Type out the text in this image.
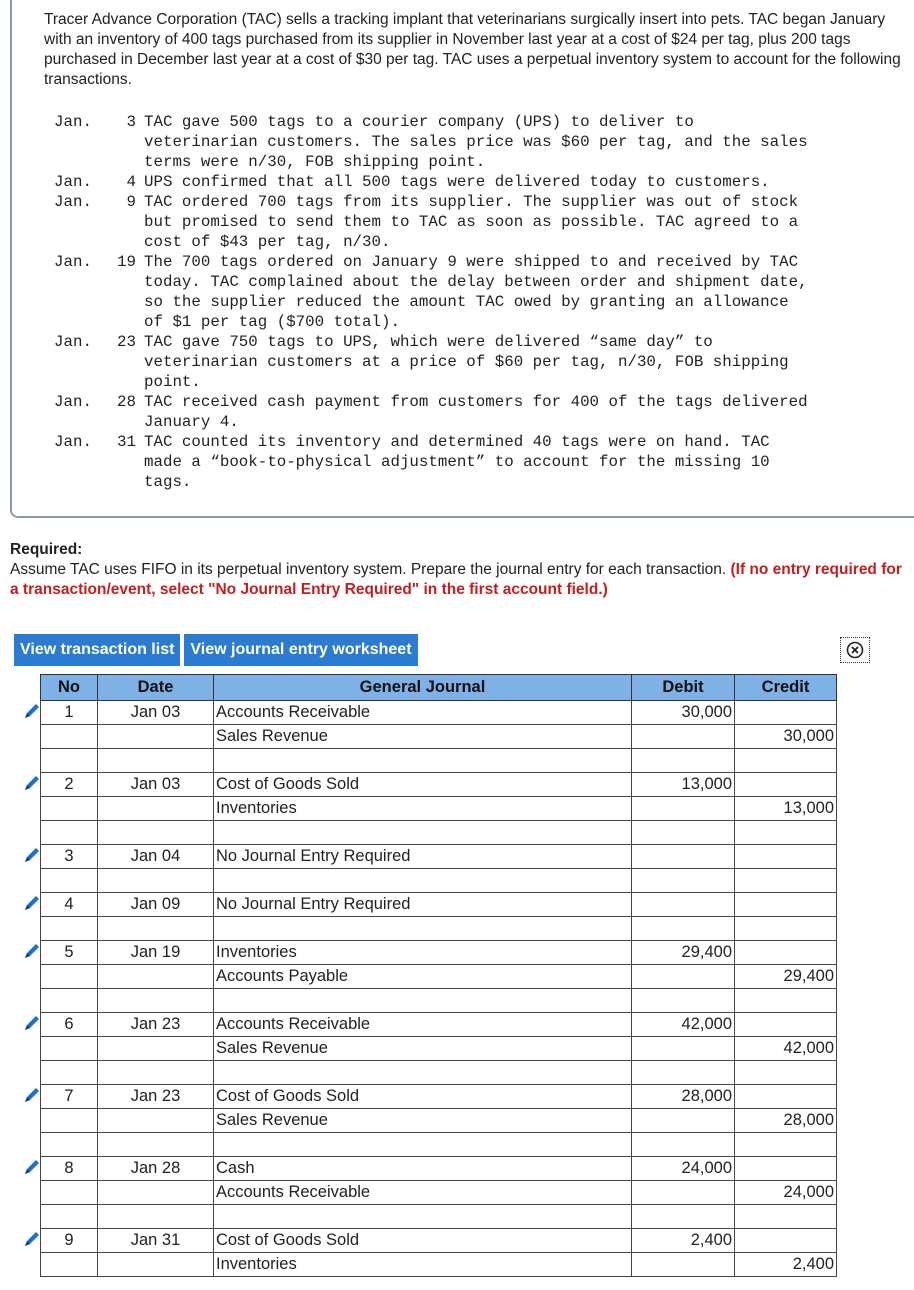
Tracer Advance Corporation (TAC) sells a tracking implant that veterinarians surgically insert into pets. TAC began January with an inventory of 400 tags purchased from its supplier in November last year at a cost of $24 per tag, plus 200 tags purchased in December last year at a cost of $30 per tag. TAC uses a perpetual inventory system to account for the following transactions.

Jan.	3 TAC gave 500 tags to a courier company (UPS) to deliver to
veterinarian customers. The sales price was $60 per tag, and the sales
terms were n/30, FOB shipping point.
Jan.	4 UPS confirmed that all 500 tags were delivered today to customers.
Jan.	9 TAC ordered 700 tags from its supplier. The supplier was out of stock
but promised to send them to TAC as soon as possible. TAC agreed to a
cost of $43 per tag, n/30.
Jan.	19 The 700 tags ordered on January 9 were shipped to and received by TAC
today. TAC complained about the delay between order and shipment date,
so the supplier reduced the amount TAC owed by granting an allowance
of $1 per tag ($700 total).
Jan.	23 TAC gave 750 tags to UPS, which were delivered “same day” to
veterinarian customers at a price of $60 per tag, n/30, FOB shipping
point.
Jan.	28 TAC received cash payment from customers for 400 of the tags delivered
January 4.
Jan.	31 TAC counted its inventory and determined 40 tags were on hand. TAC
made a “book-to-physical adjustment” to account for the missing 10
tags.
Required:
Assume TAC uses FIFO in its perpetual inventory system. Prepare the journal entry for each transaction. (If no entry required for a transaction/event, select "No Journal Entry Required" in the first account field.)
View transaction list	View journal entry worksheet
No	Date	General Journal	Debit	Credit
1	Jan 03	Accounts Receivable	30,000	
		Sales Revenue		30,000

2	Jan 03	Cost of Goods Sold	13,000	
		Inventories		13,000

3	Jan 04	No Journal Entry Required		

4	Jan 09	No Journal Entry Required		

5	Jan 19	Inventories	29,400	
		Accounts Payable		29,400

6	Jan 23	Accounts Receivable	42,000	
		Sales Revenue		42,000

7	Jan 23	Cost of Goods Sold	28,000	
		Sales Revenue		28,000

8	Jan 28	Cash	24,000	
		Accounts Receivable		24,000

9	Jan 31	Cost of Goods Sold	2,400	
		Inventories		2,400
